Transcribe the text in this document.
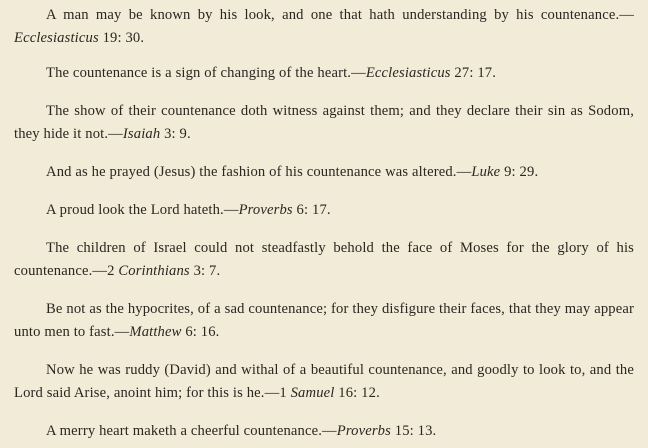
A man may be known by his look, and one that hath understanding by his countenance.—Ecclesiasticus 19: 30.

The countenance is a sign of changing of the heart.—Ecclesiasticus 27: 17.

The show of their countenance doth witness against them; and they declare their sin as Sodom, they hide it not.—Isaiah 3: 9.

And as he prayed (Jesus) the fashion of his countenance was altered.—Luke 9: 29.

A proud look the Lord hateth.—Proverbs 6: 17.

The children of Israel could not steadfastly behold the face of Moses for the glory of his countenance.—2 Corinthians 3: 7.

Be not as the hypocrites, of a sad countenance; for they disfigure their faces, that they may appear unto men to fast.—Matthew 6: 16.

Now he was ruddy (David) and withal of a beautiful countenance, and goodly to look to, and the Lord said Arise, anoint him; for this is he.—1 Samuel 16: 12.

A merry heart maketh a cheerful countenance.—Proverbs 15: 13.
